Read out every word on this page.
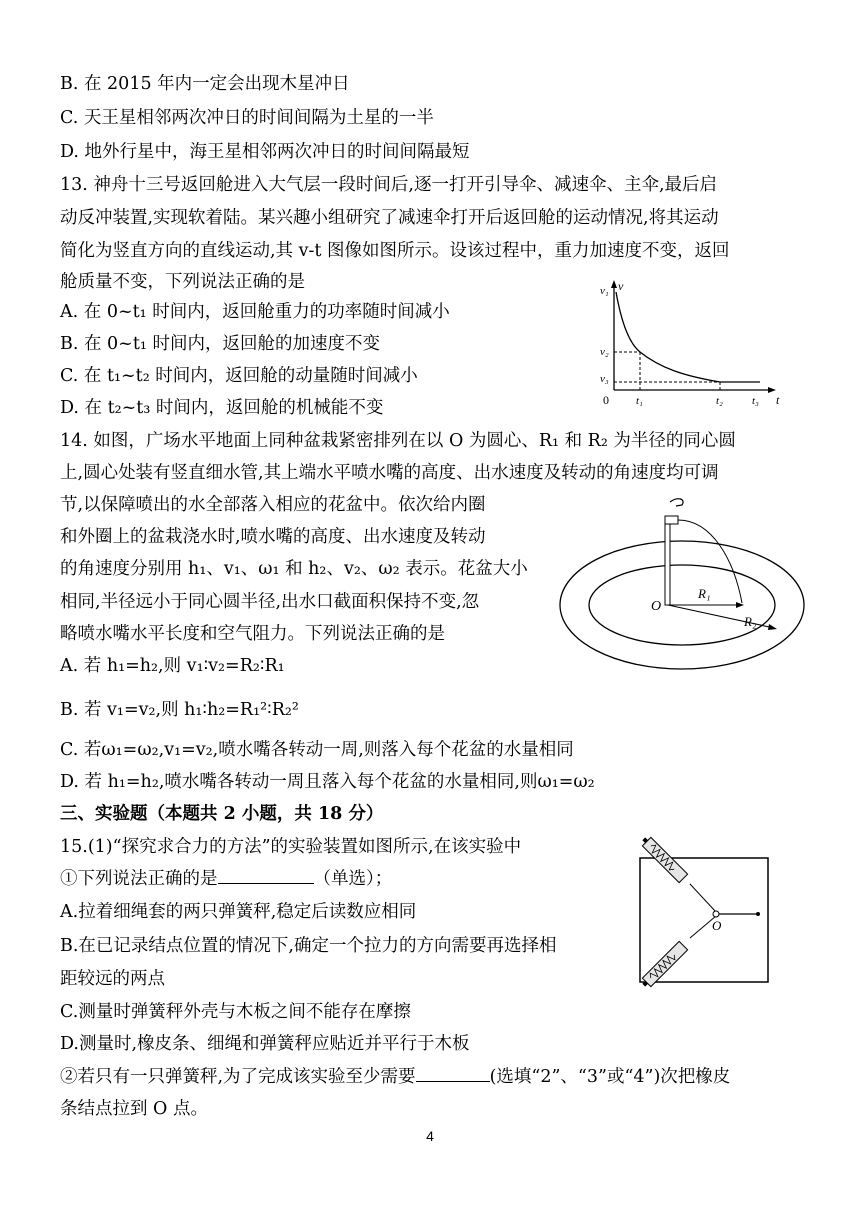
B. 在 2015 年内一定会出现木星冲日
C. 天王星相邻两次冲日的时间间隔为土星的一半
D. 地外行星中，海王星相邻两次冲日的时间间隔最短
13. 神舟十三号返回舱进入大气层一段时间后,逐一打开引导伞、减速伞、主伞,最后启
动反冲装置,实现软着陆。某兴趣小组研究了减速伞打开后返回舱的运动情况,将其运动
简化为竖直方向的直线运动,其 v-t 图像如图所示。设该过程中，重力加速度不变，返回
舱质量不变，下列说法正确的是
A. 在 0~t₁ 时间内，返回舱重力的功率随时间减小
B. 在 0~t₁ 时间内，返回舱的加速度不变
C. 在 t₁~t₂ 时间内，返回舱的动量随时间减小
D. 在 t₂~t₃ 时间内，返回舱的机械能不变
v
v₁
v₂
v₃
0 t₁	t₂	t₃ t
14. 如图，广场水平地面上同种盆栽紧密排列在以 O 为圆心、R₁ 和 R₂ 为半径的同心圆
上,圆心处装有竖直细水管,其上端水平喷水嘴的高度、出水速度及转动的角速度均可调
节,以保障喷出的水全部落入相应的花盆中。依次给内圈
和外圈上的盆栽浇水时,喷水嘴的高度、出水速度及转动
的角速度分别用 h₁、v₁、ω₁ 和 h₂、v₂、ω₂ 表示。花盆大小
相同,半径远小于同心圆半径,出水口截面积保持不变,忽
略喷水嘴水平长度和空气阻力。下列说法正确的是
A. 若 h₁=h₂,则 v₁∶v₂=R₂∶R₁
B. 若 v₁=v₂,则 h₁∶h₂=R₁²∶R₂²
C. 若ω₁=ω₂,v₁=v₂,喷水嘴各转动一周,则落入每个花盆的水量相同
D. 若 h₁=h₂,喷水嘴各转动一周且落入每个花盆的水量相同,则ω₁=ω₂
O
R₁
R₂
三、实验题（本题共 2 小题，共 18 分）
15.(1)“探究求合力的方法”的实验装置如图所示,在该实验中
①下列说法正确的是	（单选）；
A.拉着细绳套的两只弹簧秤,稳定后读数应相同
B.在已记录结点位置的情况下,确定一个拉力的方向需要再选择相
距较远的两点
C.测量时弹簧秤外壳与木板之间不能存在摩擦
D.测量时,橡皮条、细绳和弹簧秤应贴近并平行于木板
②若只有一只弹簧秤,为了完成该实验至少需要	(选填“2”、“3”或“4”)次把橡皮
条结点拉到 O 点。
O
4
